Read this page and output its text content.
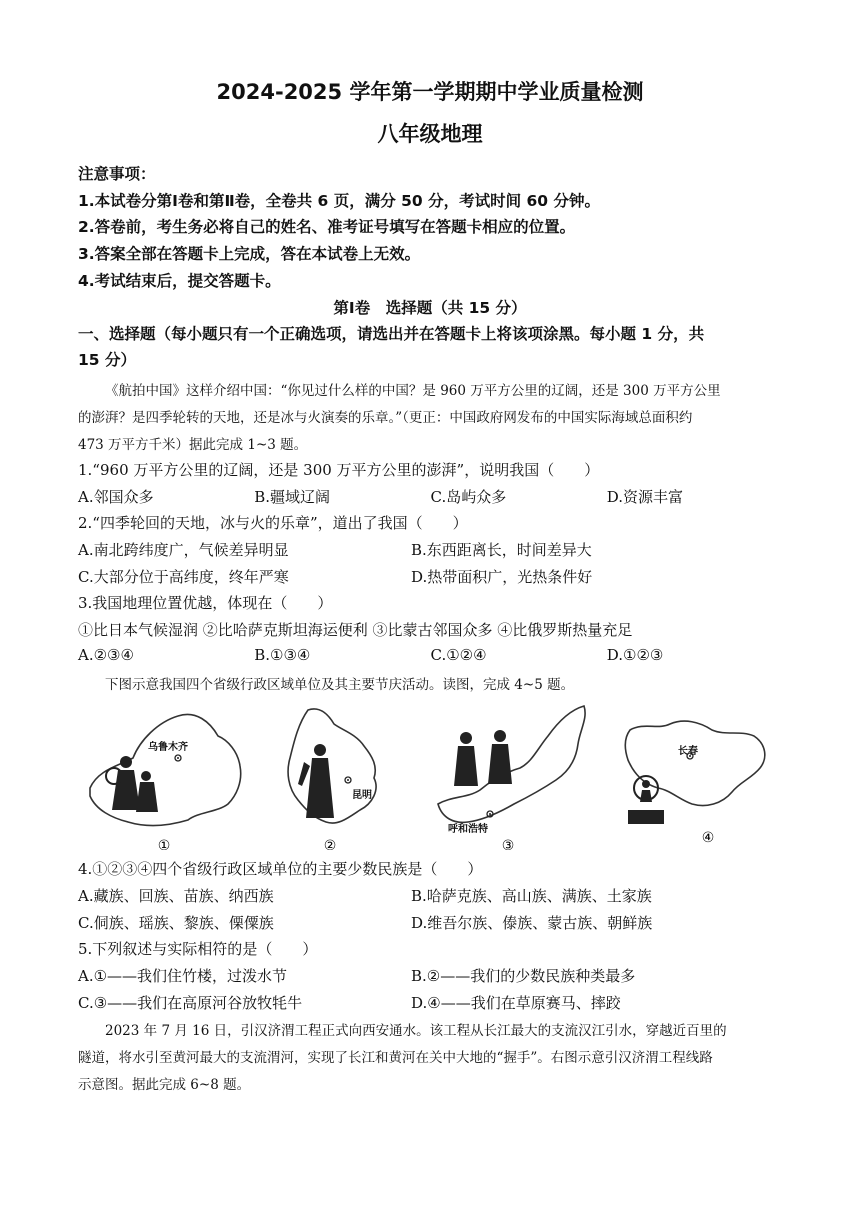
2024-2025 学年第一学期期中学业质量检测
八年级地理
注意事项：
1.本试卷分第Ⅰ卷和第Ⅱ卷，全卷共 6 页，满分 50 分，考试时间 60 分钟。
2.答卷前，考生务必将自己的姓名、准考证号填写在答题卡相应的位置。
3.答案全部在答题卡上完成，答在本试卷上无效。
4.考试结束后，提交答题卡。
第Ⅰ卷　选择题（共 15 分）
一、选择题（每小题只有一个正确选项，请选出并在答题卡上将该项涂黑。每小题 1 分，共
15 分）
《航拍中国》这样介绍中国：“你见过什么样的中国？是 960 万平方公里的辽阔，还是 300 万平方公里
的澎湃？是四季轮转的天地，还是冰与火演奏的乐章。”（更正：中国政府网发布的中国实际海域总面积约
473 万平方千米）据此完成 1~3 题。
1.“960 万平方公里的辽阔，还是 300 万平方公里的澎湃”，说明我国（　　）
A.邻国众多	B.疆域辽阔	C.岛屿众多	D.资源丰富
2.“四季轮回的天地，冰与火的乐章”，道出了我国（　　）
A.南北跨纬度广，气候差异明显	B.东西距离长，时间差异大
C.大部分位于高纬度，终年严寒	D.热带面积广，光热条件好
3.我国地理位置优越，体现在（　　）
①比日本气候湿润 ②比哈萨克斯坦海运便利 ③比蒙古邻国众多 ④比俄罗斯热量充足
A.②③④	B.①③④	C.①②④	D.①②③
下图示意我国四个省级行政区域单位及其主要节庆活动。读图，完成 4~5 题。
①
乌鲁木齐
②
昆明
③
呼和浩特
④
长春
4.①②③④四个省级行政区域单位的主要少数民族是（　　）
A.藏族、回族、苗族、纳西族	B.哈萨克族、高山族、满族、土家族
C.侗族、瑶族、黎族、傈僳族	D.维吾尔族、傣族、蒙古族、朝鲜族
5.下列叙述与实际相符的是（　　）
A.①——我们住竹楼，过泼水节	B.②——我们的少数民族种类最多
C.③——我们在高原河谷放牧牦牛	D.④——我们在草原赛马、摔跤
2023 年 7 月 16 日，引汉济渭工程正式向西安通水。该工程从长江最大的支流汉江引水，穿越近百里的
隧道，将水引至黄河最大的支流渭河，实现了长江和黄河在关中大地的“握手”。右图示意引汉济渭工程线路
示意图。据此完成 6~8 题。
